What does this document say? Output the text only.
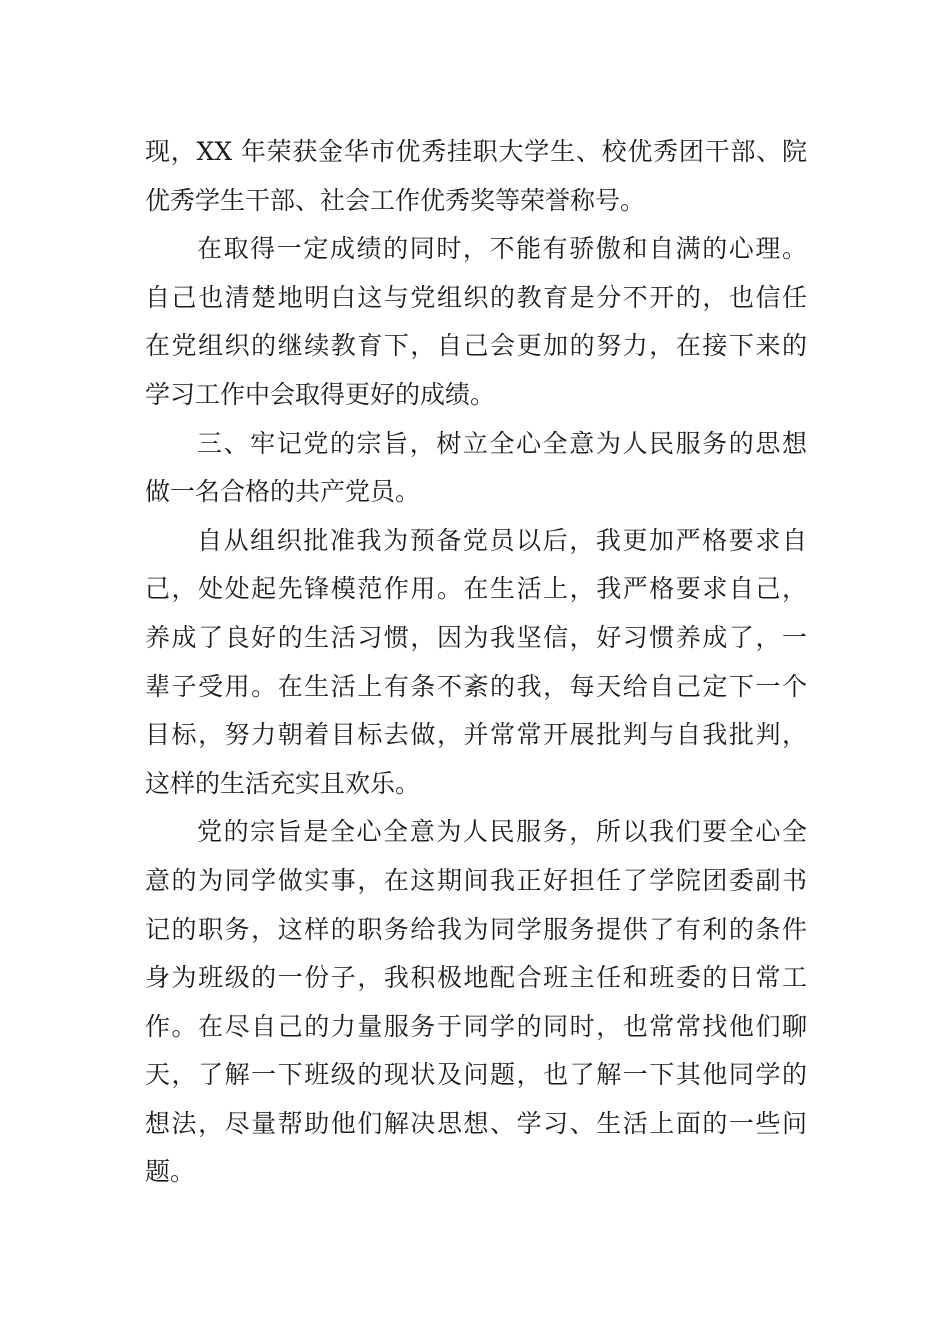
现，XX 年荣获金华市优秀挂职大学生、校优秀团干部、院
优秀学生干部、社会工作优秀奖等荣誉称号。
在取得一定成绩的同时，不能有骄傲和自满的心理。
自己也清楚地明白这与党组织的教育是分不开的，也信任
在党组织的继续教育下，自己会更加的努力，在接下来的
学习工作中会取得更好的成绩。
三、牢记党的宗旨，树立全心全意为人民服务的思想
做一名合格的共产党员。
自从组织批准我为预备党员以后，我更加严格要求自
己，处处起先锋模范作用。在生活上，我严格要求自己，
养成了良好的生活习惯，因为我坚信，好习惯养成了，一
辈子受用。在生活上有条不紊的我，每天给自己定下一个
目标，努力朝着目标去做，并常常开展批判与自我批判，
这样的生活充实且欢乐。
党的宗旨是全心全意为人民服务，所以我们要全心全
意的为同学做实事，在这期间我正好担任了学院团委副书
记的职务，这样的职务给我为同学服务提供了有利的条件
身为班级的一份子，我积极地配合班主任和班委的日常工
作。在尽自己的力量服务于同学的同时，也常常找他们聊
天，了解一下班级的现状及问题，也了解一下其他同学的
想法，尽量帮助他们解决思想、学习、生活上面的一些问
题。
